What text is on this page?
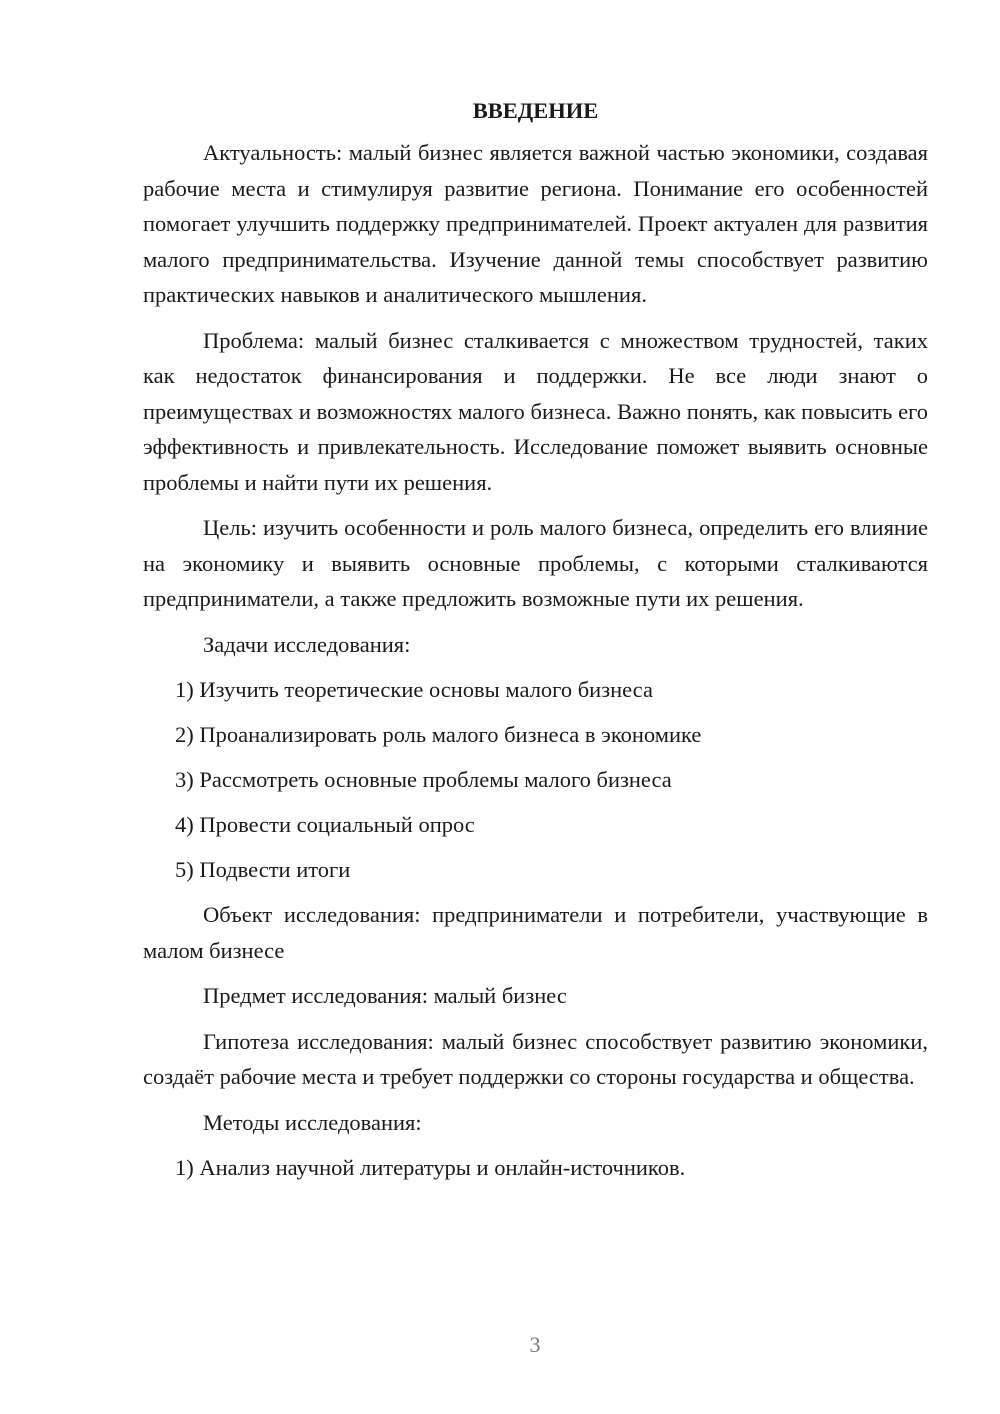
ВВЕДЕНИЕ

Актуальность: малый бизнес является важной частью экономики, создавая рабочие места и стимулируя развитие региона. Понимание его особенностей помогает улучшить поддержку предпринимателей. Проект актуален для развития малого предпринимательства. Изучение данной темы способствует развитию практических навыков и аналитического мышления.

Проблема: малый бизнес сталкивается с множеством трудностей, таких как недостаток финансирования и поддержки. Не все люди знают о преимуществах и возможностях малого бизнеса. Важно понять, как повысить его эффективность и привлекательность. Исследование поможет выявить основные проблемы и найти пути их решения.

Цель: изучить особенности и роль малого бизнеса, определить его влияние на экономику и выявить основные проблемы, с которыми сталкиваются предприниматели, а также предложить возможные пути их решения.

Задачи исследования:

1) Изучить теоретические основы малого бизнеса
2) Проанализировать роль малого бизнеса в экономике
3) Рассмотреть основные проблемы малого бизнеса
4) Провести социальный опрос
5) Подвести итоги

Объект исследования: предприниматели и потребители, участвующие в малом бизнесе

Предмет исследования: малый бизнес

Гипотеза исследования: малый бизнес способствует развитию экономики, создаёт рабочие места и требует поддержки со стороны государства и общества.

Методы исследования:

1) Анализ научной литературы и онлайн-источников.
3
